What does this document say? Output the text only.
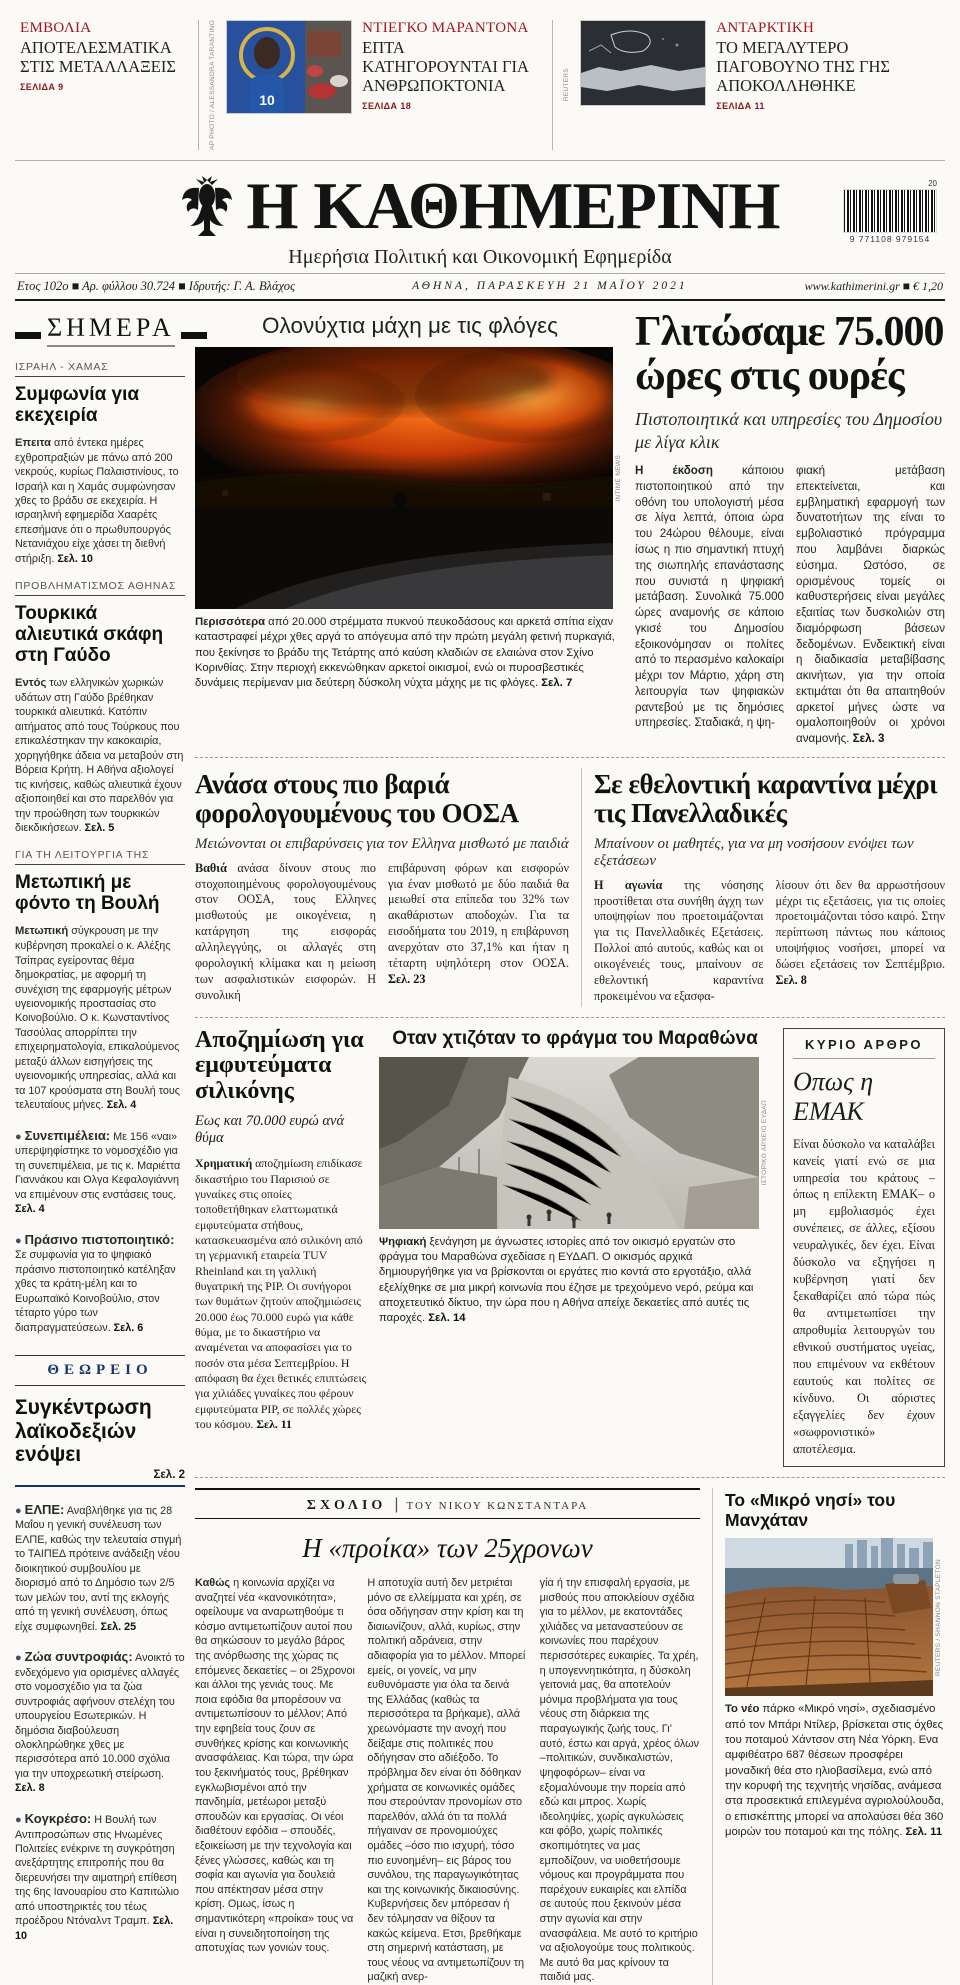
ΕΜΒΟΛΙΑ
ΑΠΟΤΕΛΕΣΜΑΤΙΚΑ ΣΤΙΣ ΜΕΤΑΛΛΑΞΕΙΣ
ΣΕΛΙΔΑ 9	AP PHOTO / ALESSANDRA TARANTINO	10
ΝΤΙΕΓΚΟ ΜΑΡΑΝΤΟΝΑ
ΕΠΤΑ ΚΑΤΗΓΟΡΟΥΝΤΑΙ ΓΙΑ ΑΝΘΡΩΠΟΚΤΟΝΙΑ
ΣΕΛΙΔΑ 18
REUTERS
ΑΝΤΑΡΚΤΙΚΗ
ΤΟ ΜΕΓΑΛΥΤΕΡΟ ΠΑΓΟΒΟΥΝΟ ΤΗΣ ΓΗΣ ΑΠΟΚΟΛΛΗΘΗΚΕ
ΣΕΛΙΔΑ 11
Η ΚΑΘΗΜΕΡΙΝΗ
Ημερήσια Πολιτική και Οικονομική Εφημερίδα
20
9 771108 979154
Ετος 102ο ■ Αρ. φύλλου 30.724 ■ Ιδρυτής: Γ. Α. Βλάχος	ΑΘΗΝΑ, ΠΑΡΑΣΚΕΥΗ 21 ΜΑΪΟΥ 2021	www.kathimerini.gr ■ € 1,20
ΣΗΜΕΡΑ
ΙΣΡΑΗΛ - ΧΑΜΑΣ
Συμφωνία για εκεχειρία

Επειτα από έντεκα ημέρες εχθροπραξιών με πάνω από 200 νεκρούς, κυρίως Παλαιστινίους, το Ισραήλ και η Χαμάς συμφώνησαν χθες το βράδυ σε εκεχειρία. Η ισραηλινή εφημερίδα Χααρέτς επεσήμανε ότι ο πρωθυπουργός Νετανιάχου είχε χάσει τη διεθνή στήριξη. Σελ. 10

ΠΡΟΒΛΗΜΑΤΙΣΜΟΣ ΑΘΗΝΑΣ
Τουρκικά αλιευτικά σκάφη στη Γαύδο

Εντός των ελληνικών χωρικών υδάτων στη Γαύδο βρέθηκαν τουρκικά αλιευτικά. Κατόπιν αιτήματος από τους Τούρκους που επικαλέστηκαν την κακοκαιρία, χορηγήθηκε άδεια να μεταβούν στη Βόρεια Κρήτη. Η Αθήνα αξιολογεί τις κινήσεις, καθώς αλιευτικά έχουν αξιοποιηθεί και στο παρελθόν για την προώθηση των τουρκικών διεκδικήσεων. Σελ. 5

ΓΙΑ ΤΗ ΛΕΙΤΟΥΡΓΙΑ ΤΗΣ
Μετωπική με φόντο τη Βουλή

Μετωπική σύγκρουση με την κυβέρνηση προκαλεί ο κ. Αλέξης Τσίπρας εγείροντας θέμα δημοκρατίας, με αφορμή τη συνέχιση της εφαρμογής μέτρων υγειονομικής προστασίας στο Κοινοβούλιο. Ο κ. Κωνσταντίνος Τασούλας απορρίπτει την επιχειρηματολογία, επικαλούμενος μεταξύ άλλων εισηγήσεις της υγειονομικής υπηρεσίας, αλλά και τα 107 κρούσματα στη Βουλή τους τελευταίους μήνες. Σελ. 4

● Συνεπιμέλεια: Με 156 «ναι» υπερψηφίστηκε το νομοσχέδιο για τη συνεπιμέλεια, με τις κ. Μαριέττα Γιαννάκου και Ολγα Κεφαλογιάννη να επιμένουν στις ενστάσεις τους. Σελ. 4

● Πράσινο πιστοποιητικό: Σε συμφωνία για το ψηφιακό πράσινο πιστοποιητικό κατέληξαν χθες τα κράτη-μέλη και το Ευρωπαϊκό Κοινοβούλιο, στον τέταρτο γύρο των διαπραγματεύσεων. Σελ. 6

ΘΕΩΡΕΙΟ
Συγκέντρωση λαϊκοδεξιών ενόψει
Σελ. 2

● ΕΛΠΕ: Αναβλήθηκε για τις 28 Μαΐου η γενική συνέλευση των ΕΛΠΕ, καθώς την τελευταία στιγμή το ΤΑΙΠΕΔ πρότεινε ανάδειξη νέου διοικητικού συμβουλίου με διορισμό από το Δημόσιο των 2/5 των μελών του, αντί της εκλογής από τη γενική συνέλευση, όπως είχε συμφωνηθεί. Σελ. 25

● Ζώα συντροφιάς: Ανοικτό το ενδεχόμενο για ορισμένες αλλαγές στο νομοσχέδιο για τα ζώα συντροφιάς αφήνουν στελέχη του υπουργείου Εσωτερικών. Η δημόσια διαβούλευση ολοκληρώθηκε χθες με περισσότερα από 10.000 σχόλια για την υποχρεωτική στείρωση. Σελ. 8

● Κογκρέσο: Η Βουλή των Αντιπροσώπων στις Ηνωμένες Πολιτείες ενέκρινε τη συγκρότηση ανεξάρτητης επιτροπής που θα διερευνήσει την αιματηρή επίθεση της 6ης Ιανουαρίου στο Καπιτώλιο από υποστηρικτές του τέως προέδρου Ντόναλντ Τραμπ. Σελ. 10

Ολονύχτια μάχη με τις φλόγες
INTIME NEWS

Περισσότερα από 20.000 στρέμματα πυκνού πευκοδάσους και αρκετά σπίτια είχαν καταστραφεί μέχρι χθες αργά το απόγευμα από την πρώτη μεγάλη φετινή πυρκαγιά, που ξεκίνησε το βράδυ της Τετάρτης από καύση κλαδιών σε ελαιώνα στον Σχίνο Κορινθίας. Στην περιοχή εκκενώθηκαν αρκετοί οικισμοί, ενώ οι πυροσβεστικές δυνάμεις περίμεναν μια δεύτερη δύσκολη νύχτα μάχης με τις φλόγες. Σελ. 7

Γλιτώσαμε 75.000 ώρες στις ουρές
Πιστοποιητικά και υπηρεσίες του Δημοσίου με λίγα κλικ

Η έκδοση κάποιου πιστοποιητικού από την οθόνη του υπολογιστή μέσα σε λίγα λεπτά, όποια ώρα του 24ώρου θέλουμε, είναι ίσως η πιο σημαντική πτυχή της σιωπηλής επανάστασης που συνιστά η ψηφιακή μετάβαση. Συνολικά 75.000 ώρες αναμονής σε κάποιο γκισέ του Δημοσίου εξοικονόμησαν οι πολίτες από το περασμένο καλοκαίρι μέχρι τον Μάρτιο, χάρη στη λειτουργία των ψηφιακών ραντεβού με τις δημόσιες υπηρεσίες. Σταδιακά, η ψη-

φιακή μετάβαση επεκτείνεται, και εμβληματική εφαρμογή των δυνατοτήτων της είναι το εμβολιαστικό πρόγραμμα που λαμβάνει διαρκώς εύσημα. Ωστόσο, σε ορισμένους τομείς οι καθυστερήσεις είναι μεγάλες εξαιτίας των δυσκολιών στη διαμόρφωση βάσεων δεδομένων. Ενδεικτική είναι η διαδικασία μεταβίβασης ακινήτων, για την οποία εκτιμάται ότι θα απαιτηθούν αρκετοί μήνες ώστε να ομαλοποιηθούν οι χρόνοι αναμονής. Σελ. 3

Ανάσα στους πιο βαριά φορολογουμένους του ΟΟΣΑ
Μειώνονται οι επιβαρύνσεις για τον Ελληνα μισθωτό με παιδιά

Βαθιά ανάσα δίνουν στους πιο στοχοποιημένους φορολογουμένους στον ΟΟΣΑ, τους Ελληνες μισθωτούς με οικογένεια, η κατάργηση της εισφοράς αλληλεγγύης, οι αλλαγές στη φορολογική κλίμακα και η μείωση των ασφαλιστικών εισφορών. Η συνολική

επιβάρυνση φόρων και εισφορών για έναν μισθωτό με δύο παιδιά θα μειωθεί στα επίπεδα του 32% των ακαθάριστων αποδοχών. Για τα εισοδήματα του 2019, η επιβάρυνση ανερχόταν στο 37,1% και ήταν η τέταρτη υψηλότερη στον ΟΟΣΑ. Σελ. 23

Σε εθελοντική καραντίνα μέχρι τις Πανελλαδικές
Μπαίνουν οι μαθητές, για να μη νοσήσουν ενόψει των εξετάσεων

Η αγωνία της νόσησης προστίθεται στα συνήθη άγχη των υποψηφίων που προετοιμάζονται για τις Πανελλαδικές Εξετάσεις. Πολλοί από αυτούς, καθώς και οι οικογένειές τους, μπαίνουν σε εθελοντική καραντίνα προκειμένου να εξασφα-

λίσουν ότι δεν θα αρρωστήσουν μέχρι τις εξετάσεις, για τις οποίες προετοιμάζονται τόσο καιρό. Στην περίπτωση πάντως που κάποιος υποψήφιος νοσήσει, μπορεί να δώσει εξετάσεις τον Σεπτέμβριο. Σελ. 8

Αποζημίωση για εμφυτεύματα σιλικόνης
Εως και 70.000 ευρώ ανά θύμα

Χρηματική αποζημίωση επιδίκασε δικαστήριο του Παρισιού σε γυναίκες στις οποίες τοποθετήθηκαν ελαττωματικά εμφυτεύματα στήθους, κατασκευασμένα από σιλικόνη από τη γερμανική εταιρεία TUV Rheinland και τη γαλλική θυγατρική της PIP. Οι συνήγοροι των θυμάτων ζητούν αποζημιώσεις 20.000 έως 70.000 ευρώ για κάθε θύμα, με το δικαστήριο να αναμένεται να αποφασίσει για το ποσόν στα μέσα Σεπτεμβρίου. Η απόφαση θα έχει θετικές επιπτώσεις για χιλιάδες γυναίκες που φέρουν εμφυτεύματα PIP, σε πολλές χώρες του κόσμου. Σελ. 11

Οταν χτιζόταν το φράγμα του Μαραθώνα
ΙΣΤΟΡΙΚΟ ΑΡΧΕΙΟ ΕΥΔΑΠ

Ψηφιακή ξενάγηση με άγνωστες ιστορίες από τον οικισμό εργατών στο φράγμα του Μαραθώνα σχεδίασε η ΕΥΔΑΠ. Ο οικισμός αρχικά δημιουργήθηκε για να βρίσκονται οι εργάτες πιο κοντά στο εργοτάξιο, αλλά εξελίχθηκε σε μια μικρή κοινωνία που έζησε με τρεχούμενο νερό, ρεύμα και αποχετευτικό δίκτυο, την ώρα που η Αθήνα απείχε δεκαετίες από αυτές τις παροχές. Σελ. 14

ΚΥΡΙΟ ΑΡΘΡΟ
Οπως η ΕΜΑΚ

Είναι δύσκολο να καταλάβει κανείς γιατί ενώ σε μια υπηρεσία του κράτους –όπως η επίλεκτη ΕΜΑΚ– ο μη εμβολιασμός έχει συνέπειες, σε άλλες, εξίσου νευραλγικές, δεν έχει. Είναι δύσκολο να εξηγήσει η κυβέρνηση γιατί δεν ξεκαθαρίζει από τώρα πώς θα αντιμετωπίσει την απροθυμία λειτουργών του εθνικού συστήματος υγείας, που επιμένουν να εκθέτουν εαυτούς και πολίτες σε κίνδυνο. Οι αόριστες εξαγγελίες δεν έχουν «σωφρονιστικό» αποτέλεσμα.

ΣΧΟΛΙΟ | ΤΟΥ ΝΙΚΟΥ ΚΩΝΣΤΑΝΤΑΡΑ
Η «προίκα» των 25χρονων

Καθώς η κοινωνία αρχίζει να αναζητεί νέα «κανονικότητα», οφείλουμε να αναρωτηθούμε τι κόσμο αντιμετωπίζουν αυτοί που θα σηκώσουν το μεγάλο βάρος της ανόρθωσης της χώρας τις επόμενες δεκαετίες – οι 25χρονοι και άλλοι της γενιάς τους. Με ποια εφόδια θα μπορέσουν να αντιμετωπίσουν το μέλλον; Από την εφηβεία τους ζουν σε συνθήκες κρίσης και κοινωνικής ανασφάλειας. Και τώρα, την ώρα του ξεκινήματός τους, βρέθηκαν εγκλωβισμένοι από την πανδημία, μετέωροι μεταξύ σπουδών και εργασίας. Οι νέοι διαθέτουν εφόδια – σπουδές, εξοικείωση με την τεχνολογία και ξένες γλώσσες, καθώς και τη σοφία και αγωνία για δουλειά που απέκτησαν μέσα στην κρίση. Ομως, ίσως η σημαντικότερη «προίκα» τους να είναι η συνειδητοποίηση της αποτυχίας των γονιών τους.

Η αποτυχία αυτή δεν μετριέται μόνο σε ελλείμματα και χρέη, σε όσα οδήγησαν στην κρίση και τη διαιωνίζουν, αλλά, κυρίως, στην πολιτική αδράνεια, στην αδιαφορία για το μέλλον. Μπορεί εμείς, οι γονείς, να μην ευθυνόμαστε για όλα τα δεινά της Ελλάδας (καθώς τα περισσότερα τα βρήκαμε), αλλά χρεωνόμαστε την ανοχή που δείξαμε στις πολιτικές που οδήγησαν στο αδιέξοδο. Το πρόβλημα δεν είναι ότι δόθηκαν χρήματα σε κοινωνικές ομάδες που στερούνταν προνομίων στο παρελθόν, αλλά ότι τα πολλά πήγαιναν σε προνομιούχες ομάδες –όσο πιο ισχυρή, τόσο πιο ευνοημένη– εις βάρος του συνόλου, της παραγωγικότητας και της κοινωνικής δικαιοσύνης. Κυβερνήσεις δεν μπόρεσαν ή δεν τόλμησαν να θίξουν τα κακώς κείμενα. Ετσι, βρεθήκαμε στη σημερινή κατάσταση, με τους νέους να αντιμετωπίζουν τη μαζική ανερ-

γία ή την επισφαλή εργασία, με μισθούς που αποκλείουν σχέδια για το μέλλον, με εκατοντάδες χιλιάδες να μεταναστεύουν σε κοινωνίες που παρέχουν περισσότερες ευκαιρίες. Τα χρέη, η υπογεννητικότητα, η δύσκολη γειτονιά μας, θα αποτελούν μόνιμα προβλήματα για τους νέους στη διάρκεια της παραγωγικής ζωής τους. Γι' αυτό, έστω και αργά, χρέος όλων –πολιτικών, συνδικαλιστών, ψηφοφόρων– είναι να εξομαλύνουμε την πορεία από εδώ και μπρος. Χωρίς ιδεοληψίες, χωρίς αγκυλώσεις και φόβο, χωρίς πολιτικές σκοπιμότητες να μας εμποδίζουν, να υιοθετήσουμε νόμους και προγράμματα που παρέχουν ευκαιρίες και ελπίδα σε αυτούς που ξεκινούν μέσα στην αγωνία και στην ανασφάλεια. Με αυτό το κριτήριο να αξιολογούμε τους πολιτικούς. Με αυτό θα μας κρίνουν τα παιδιά μας.

Το «Μικρό νησί» του Μανχάταν
REUTERS / SHANNON STAPLETON

Το νέο πάρκο «Μικρό νησί», σχεδιασμένο από τον Μπάρι Ντίλερ, βρίσκεται στις όχθες του ποταμού Χάντσον στη Νέα Υόρκη. Ενα αμφιθέατρο 687 θέσεων προσφέρει μοναδική θέα στο ηλιοβασίλεμα, ενώ από την κορυφή της τεχνητής νησίδας, ανάμεσα στα προσεκτικά επιλεγμένα αγριολούλουδα, ο επισκέπτης μπορεί να απολαύσει θέα 360 μοιρών του ποταμού και της πόλης. Σελ. 11
